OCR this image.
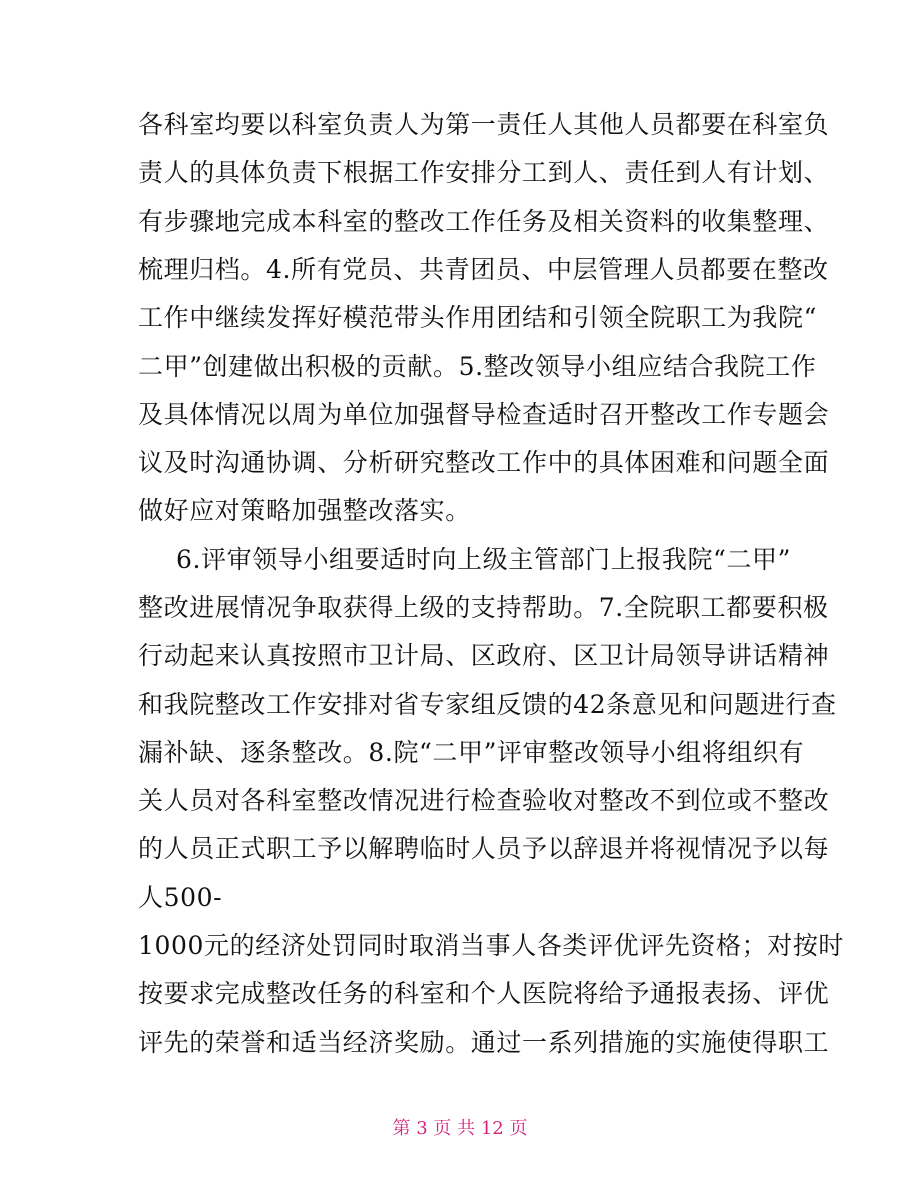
各科室均要以科室负责人为第一责任人其他人员都要在科室负
责人的具体负责下根据工作安排分工到人、责任到人有计划、
有步骤地完成本科室的整改工作任务及相关资料的收集整理、
梳理归档。4.所有党员、共青团员、中层管理人员都要在整改
工作中继续发挥好模范带头作用团结和引领全院职工为我院“
二甲”创建做出积极的贡献。5.整改领导小组应结合我院工作
及具体情况以周为单位加强督导检查适时召开整改工作专题会
议及时沟通协调、分析研究整改工作中的具体困难和问题全面
做好应对策略加强整改落实。
6.评审领导小组要适时向上级主管部门上报我院“二甲”
整改进展情况争取获得上级的支持帮助。7.全院职工都要积极
行动起来认真按照市卫计局、区政府、区卫计局领导讲话精神
和我院整改工作安排对省专家组反馈的42条意见和问题进行查
漏补缺、逐条整改。8.院“二甲”评审整改领导小组将组织有
关人员对各科室整改情况进行检查验收对整改不到位或不整改
的人员正式职工予以解聘临时人员予以辞退并将视情况予以每
人500-
1000元的经济处罚同时取消当事人各类评优评先资格；对按时
按要求完成整改任务的科室和个人医院将给予通报表扬、评优
评先的荣誉和适当经济奖励。通过一系列措施的实施使得职工
第 3 页 共 12 页
